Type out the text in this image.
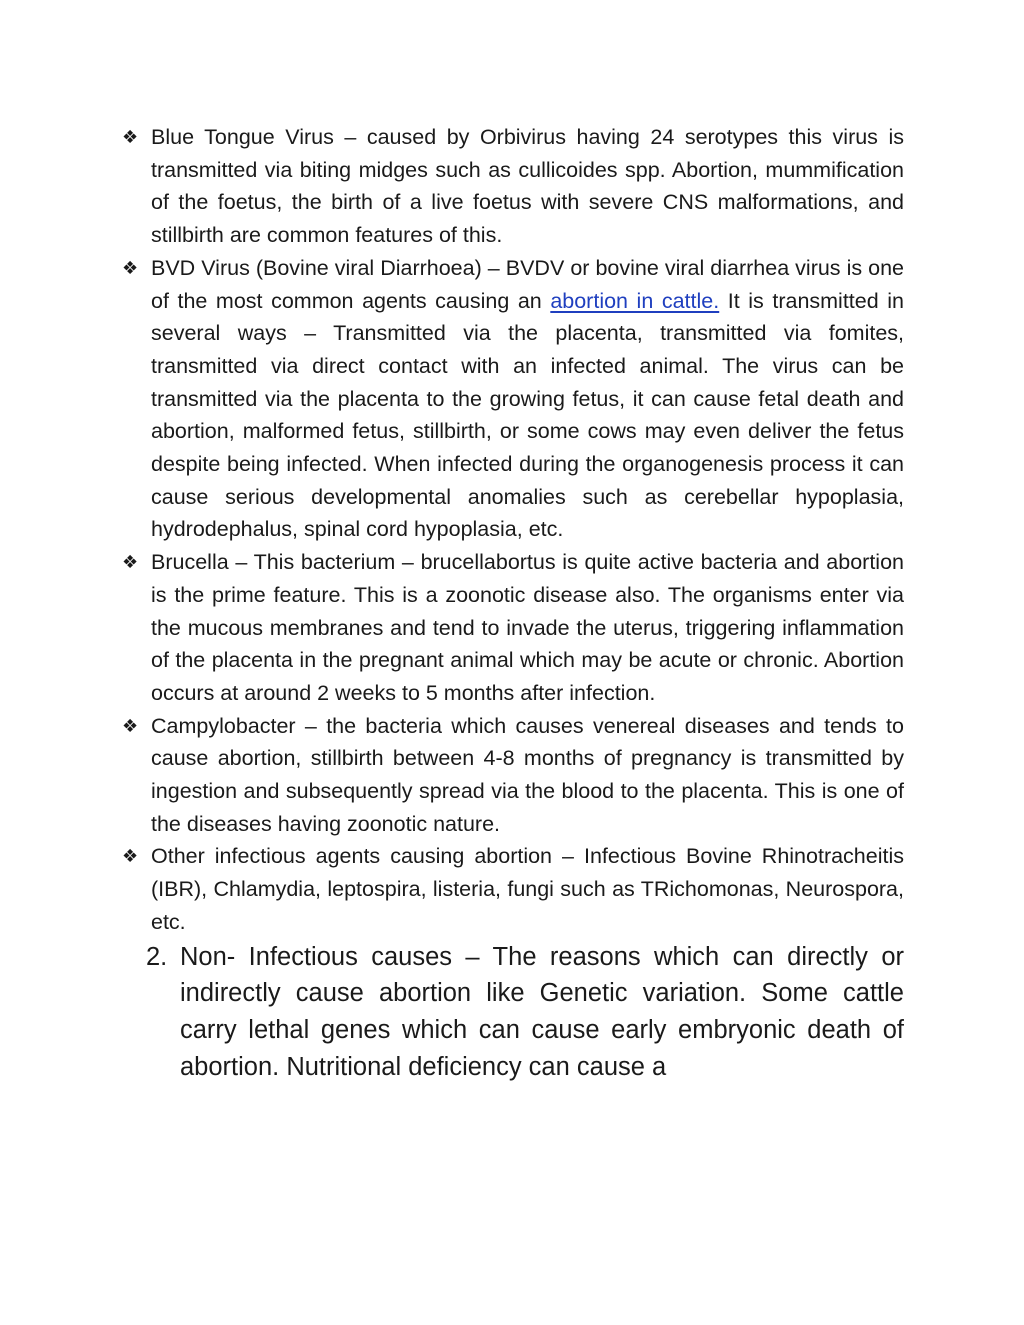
❖ Blue Tongue Virus – caused by Orbivirus having 24 serotypes this virus is transmitted via biting midges such as cullicoides spp. Abortion, mummification of the foetus, the birth of a live foetus with severe CNS malformations, and stillbirth are common features of this.

❖ BVD Virus (Bovine viral Diarrhoea) – BVDV or bovine viral diarrhea virus is one of the most common agents causing an abortion in cattle. It is transmitted in several ways – Transmitted via the placenta, transmitted via fomites, transmitted via direct contact with an infected animal. The virus can be transmitted via the placenta to the growing fetus, it can cause fetal death and abortion, malformed fetus, stillbirth, or some cows may even deliver the fetus despite being infected. When infected during the organogenesis process it can cause serious developmental anomalies such as cerebellar hypoplasia, hydrodephalus, spinal cord hypoplasia, etc.

❖ Brucella – This bacterium – brucellabortus is quite active bacteria and abortion is the prime feature. This is a zoonotic disease also. The organisms enter via the mucous membranes and tend to invade the uterus, triggering inflammation of the placenta in the pregnant animal which may be acute or chronic. Abortion occurs at around 2 weeks to 5 months after infection.

❖ Campylobacter – the bacteria which causes venereal diseases and tends to cause abortion, stillbirth between 4-8 months of pregnancy is transmitted by ingestion and subsequently spread via the blood to the placenta. This is one of the diseases having zoonotic nature.

❖ Other infectious agents causing abortion – Infectious Bovine Rhinotracheitis (IBR), Chlamydia, leptospira, listeria, fungi such as TRichomonas, Neurospora, etc.

2. Non- Infectious causes – The reasons which can directly or indirectly cause abortion like Genetic variation. Some cattle carry lethal genes which can cause early embryonic death of abortion. Nutritional deficiency can cause a
